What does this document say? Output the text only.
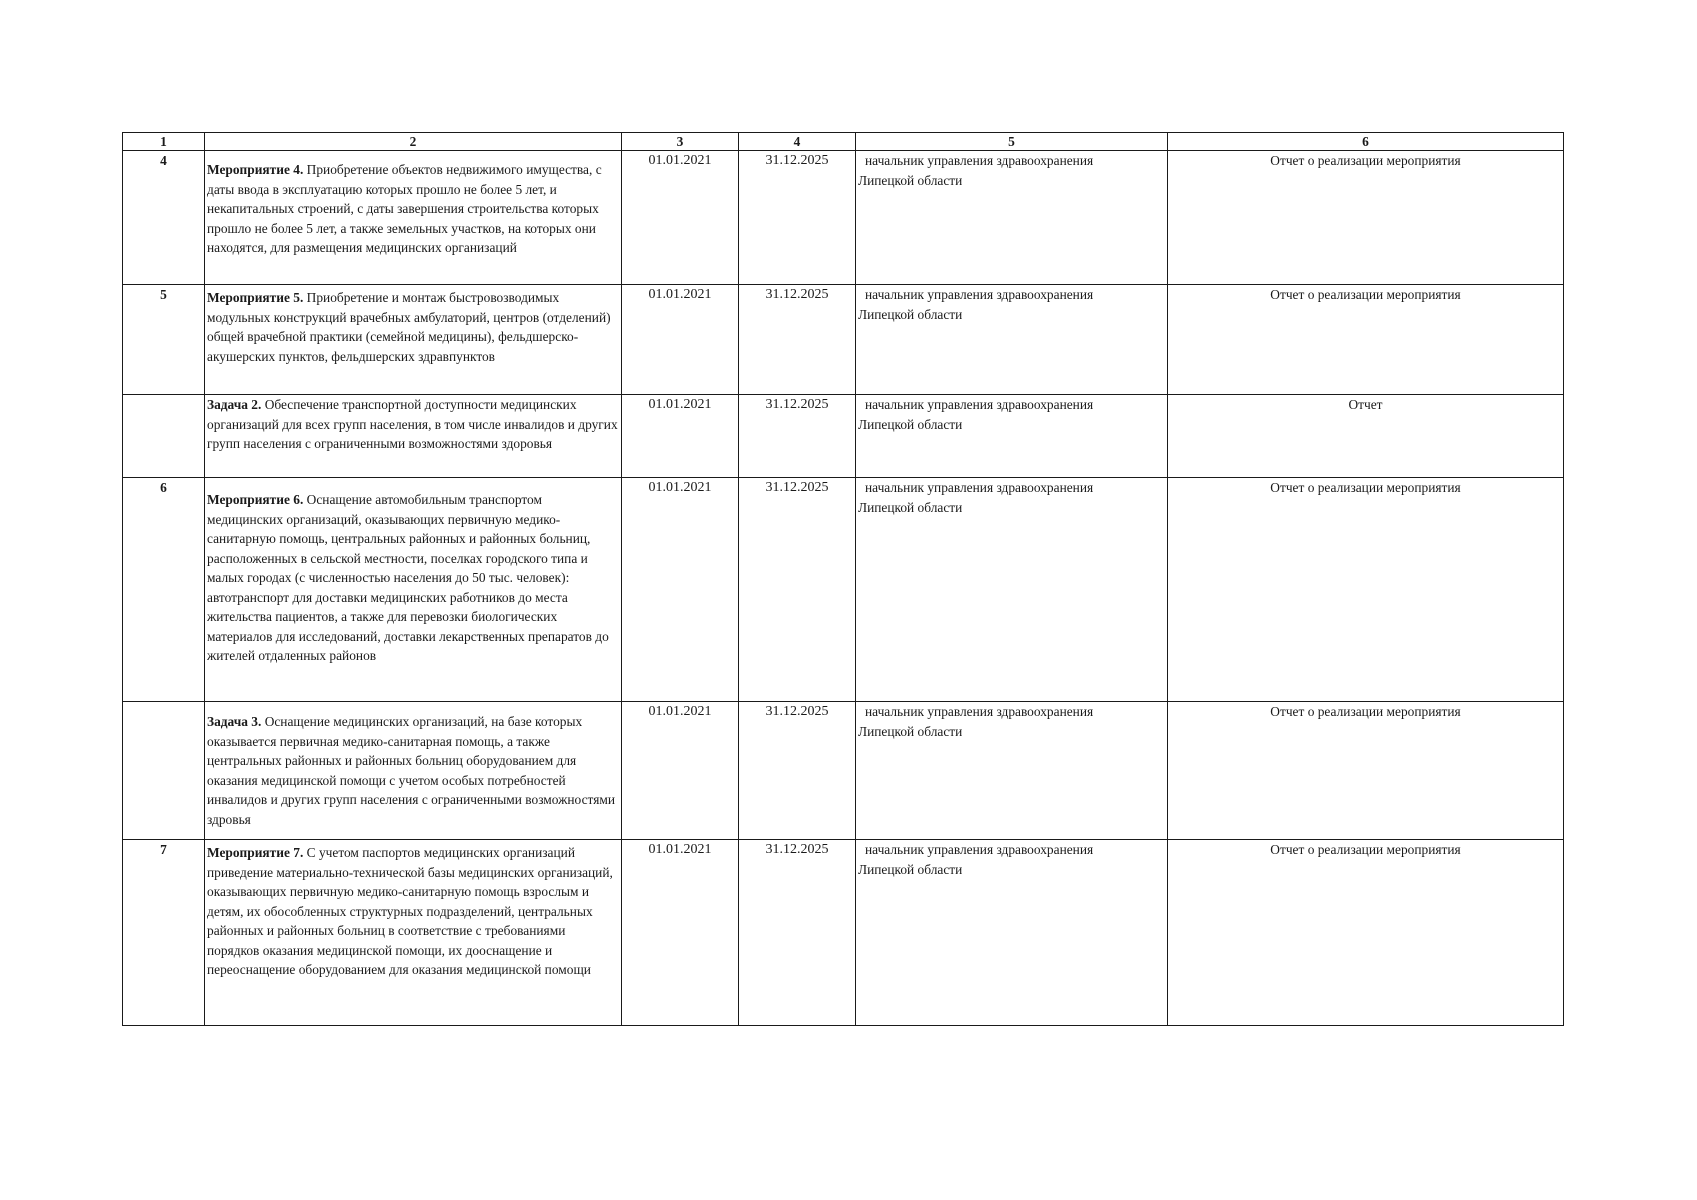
1	2	3	4	5	6
4	Мероприятие 4. Приобретение объектов недвижимого имущества, с даты ввода в эксплуатацию которых прошло не более 5 лет, и некапитальных строений, с даты завершения строительства которых прошло не более 5 лет, а также земельных участков, на которых они находятся, для размещения медицинских организаций	01.01.2021	31.12.2025	начальник управления здравоохранения
Липецкой области	Отчет о реализации мероприятия
5	Мероприятие 5. Приобретение и монтаж быстровозводимых модульных конструкций врачебных амбулаторий, центров (отделений) общей врачебной практики (семейной медицины), фельдшерско-акушерских пунктов, фельдшерских здравпунктов	01.01.2021	31.12.2025	начальник управления здравоохранения
Липецкой области	Отчет о реализации мероприятия

	Задача 2. Обеспечение транспортной доступности медицинских организаций для всех групп населения, в том числе инвалидов и других групп населения с ограниченными возможностями здоровья	01.01.2021	31.12.2025	начальник управления здравоохранения
Липецкой области	Отчет
6	Мероприятие 6. Оснащение автомобильным транспортом медицинских организаций, оказывающих первичную медико-санитарную помощь, центральных районных и районных больниц, расположенных в сельской местности, поселках городского типа и малых городах (с численностью населения до 50 тыс. человек): автотранспорт для доставки медицинских работников до места жительства пациентов, а также для перевозки биологических материалов для исследований, доставки лекарственных препаратов до жителей отдаленных районов	01.01.2021	31.12.2025	начальник управления здравоохранения
Липецкой области	Отчет о реализации мероприятия

	Задача 3. Оснащение медицинских организаций, на базе которых оказывается первичная медико-санитарная помощь, а также центральных районных и районных больниц оборудованием для оказания медицинской помощи с учетом особых потребностей инвалидов и других групп населения с ограниченными возможностями здровья	01.01.2021	31.12.2025	начальник управления здравоохранения
Липецкой области	Отчет о реализации мероприятия
7	Мероприятие 7. С учетом паспортов медицинских организаций приведение материально-технической базы медицинских организаций, оказывающих первичную медико-санитарную помощь взрослым и детям, их обособленных структурных подразделений, центральных районных и районных больниц в соответствие с требованиями порядков оказания медицинской помощи, их дооснащение и переоснащение оборудованием для оказания медицинской помощи	01.01.2021	31.12.2025	начальник управления здравоохранения
Липецкой области	Отчет о реализации мероприятия
